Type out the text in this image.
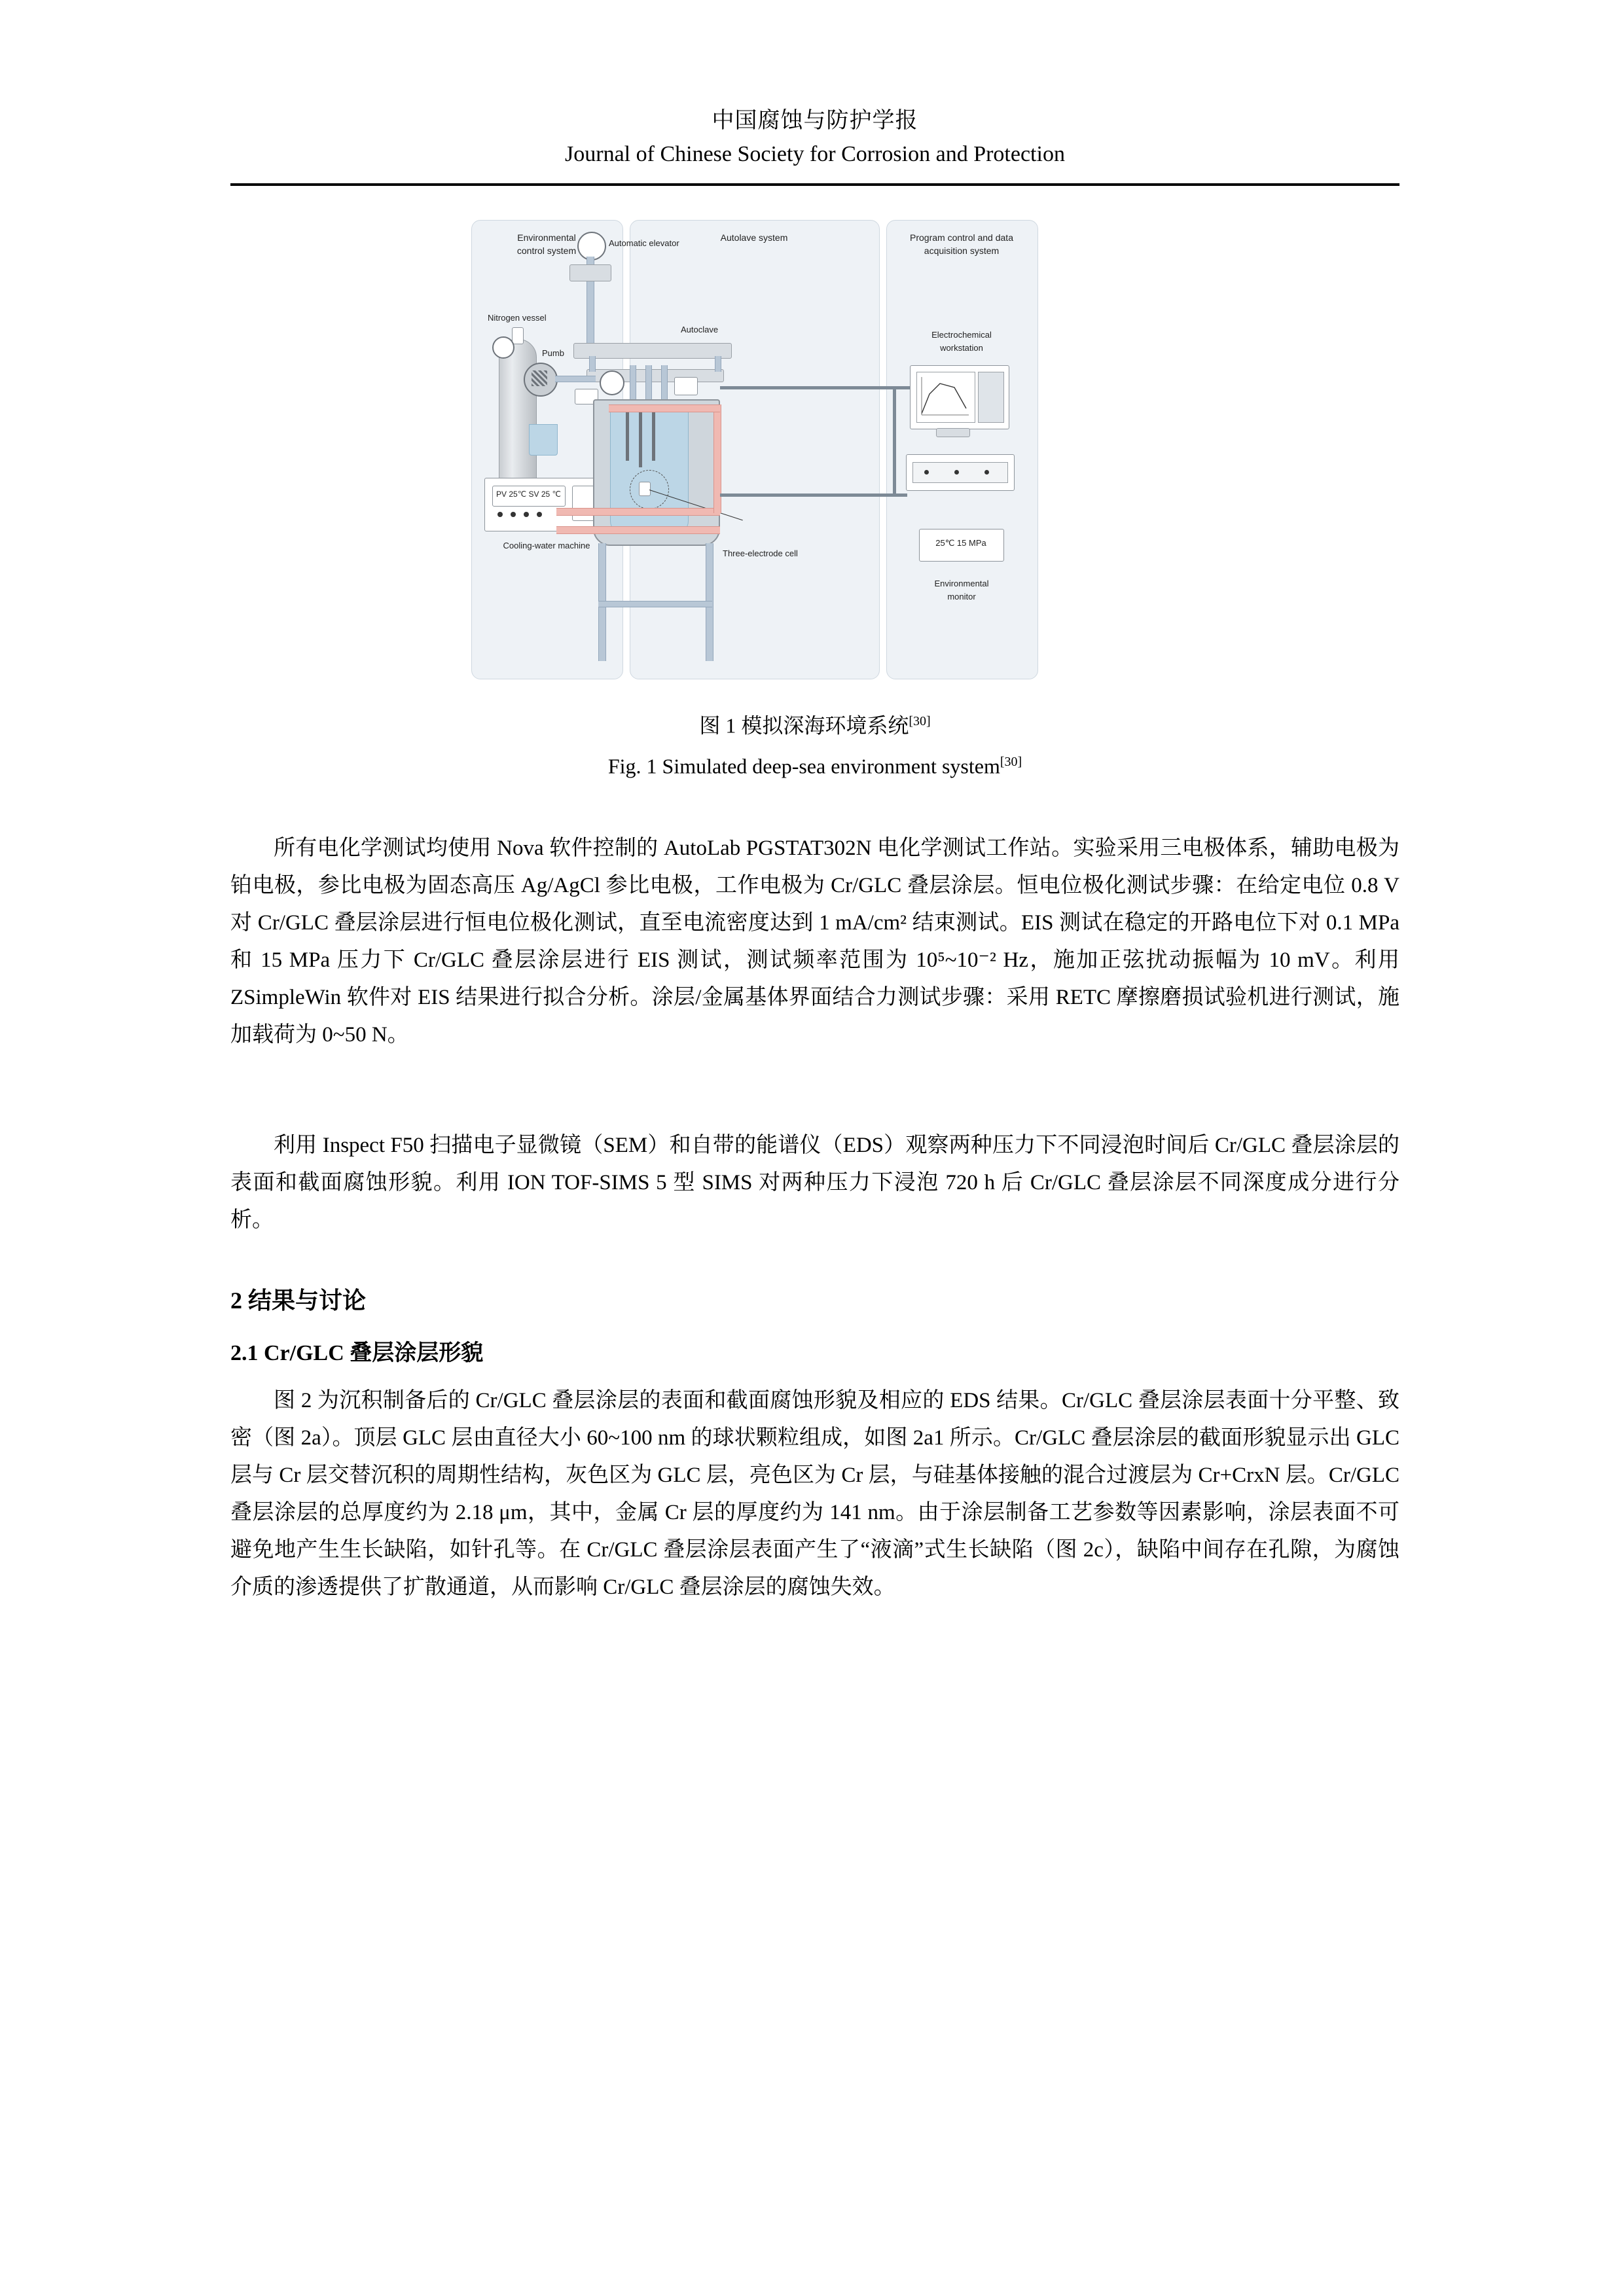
中国腐蚀与防护学报
Journal of Chinese Society for Corrosion and Protection
Environmental
control system
Nitrogen vessel
Pumb
PV 25℃ SV 25 ℃
Cooling-water machine
Autolave system
Automatic elevator
Autoclave
Three-electrode cell
Program control and data
acquisition system
Electrochemical
workstation
25℃ 15 MPa
Environmental
monitor
图 1 模拟深海环境系统[30]
Fig. 1 Simulated deep-sea environment system[30]
所有电化学测试均使用 Nova 软件控制的 AutoLab PGSTAT302N 电化学测试工作站。实验采用三电极体系，辅助电极为铂电极，参比电极为固态高压 Ag/AgCl 参比电极，工作电极为 Cr/GLC 叠层涂层。恒电位极化测试步骤：在给定电位 0.8 V 对 Cr/GLC 叠层涂层进行恒电位极化测试，直至电流密度达到 1 mA/cm² 结束测试。EIS 测试在稳定的开路电位下对 0.1 MPa 和 15 MPa 压力下 Cr/GLC 叠层涂层进行 EIS 测试，测试频率范围为 10⁵~10⁻² Hz，施加正弦扰动振幅为 10 mV。利用 ZSimpleWin 软件对 EIS 结果进行拟合分析。涂层/金属基体界面结合力测试步骤：采用 RETC 摩擦磨损试验机进行测试，施加载荷为 0~50 N。
利用 Inspect F50 扫描电子显微镜（SEM）和自带的能谱仪（EDS）观察两种压力下不同浸泡时间后 Cr/GLC 叠层涂层的表面和截面腐蚀形貌。利用 ION TOF-SIMS 5 型 SIMS 对两种压力下浸泡 720 h 后 Cr/GLC 叠层涂层不同深度成分进行分析。
2 结果与讨论
2.1 Cr/GLC 叠层涂层形貌
图 2 为沉积制备后的 Cr/GLC 叠层涂层的表面和截面腐蚀形貌及相应的 EDS 结果。Cr/GLC 叠层涂层表面十分平整、致密（图 2a）。顶层 GLC 层由直径大小 60~100 nm 的球状颗粒组成，如图 2a1 所示。Cr/GLC 叠层涂层的截面形貌显示出 GLC 层与 Cr 层交替沉积的周期性结构，灰色区为 GLC 层，亮色区为 Cr 层，与硅基体接触的混合过渡层为 Cr+CrxN 层。Cr/GLC 叠层涂层的总厚度约为 2.18 μm，其中，金属 Cr 层的厚度约为 141 nm。由于涂层制备工艺参数等因素影响，涂层表面不可避免地产生生长缺陷，如针孔等。在 Cr/GLC 叠层涂层表面产生了“液滴”式生长缺陷（图 2c），缺陷中间存在孔隙，为腐蚀介质的渗透提供了扩散通道，从而影响 Cr/GLC 叠层涂层的腐蚀失效。
